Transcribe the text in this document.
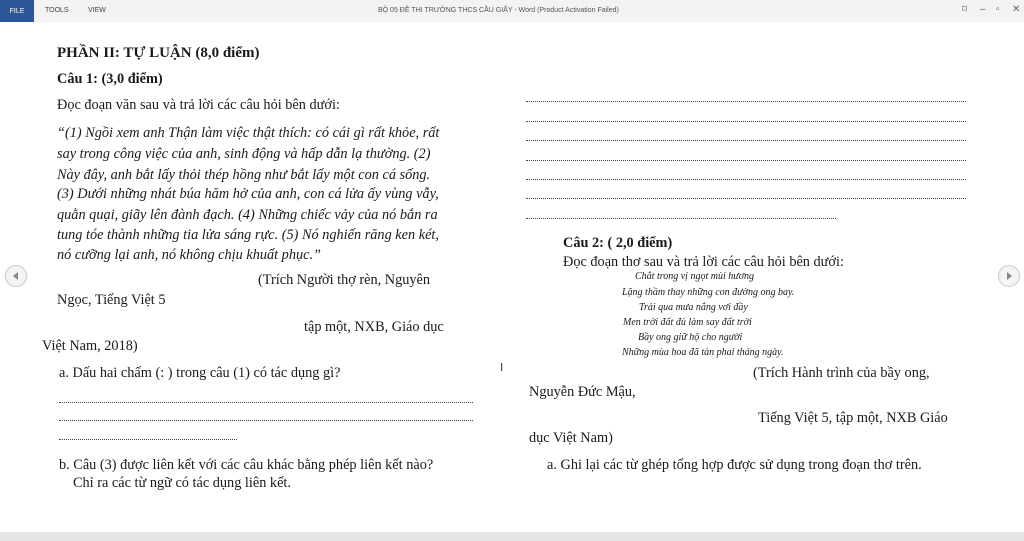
FILE	TOOLS	VIEW	BỘ 05 ĐỀ THI TRƯỜNG THCS CẦU GIẤY - Word (Product Activation Failed)	⌑ – ▫ ✕
PHẦN II: TỰ LUẬN (8,0 điểm)
Câu 1: (3,0 điểm)
Đọc đoạn văn sau và trả lời các câu hỏi bên dưới:
“(1) Ngồi xem anh Thận làm việc thật thích: có cái gì rất khỏe, rất
say trong công việc của anh, sinh động và hấp dẫn lạ thường. (2)
Này đây, anh bắt lấy thỏi thép hồng như bắt lấy một con cá sống.
(3) Dưới những nhát búa hăm hở của anh, con cá lửa ấy vùng vẫy,
quằn quại, giãy lên đành đạch. (4) Những chiếc vảy của nó bắn ra
tung tóe thành những tia lửa sáng rực. (5) Nó nghiến răng ken két,
nó cưỡng lại anh, nó không chịu khuất phục.”
(Trích Người thợ rèn, Nguyên
Ngọc, Tiếng Việt 5
tập một, NXB, Giáo dục
Việt Nam, 2018)
a. Dấu hai chấm (: ) trong câu (1) có tác dụng gì?
b. Câu (3) được liên kết với các câu khác bằng phép liên kết nào?
Chỉ ra các từ ngữ có tác dụng liên kết.
Câu 2: ( 2,0 điểm)
Đọc đoạn thơ sau và trả lời các câu hỏi bên dưới:
Chắt trong vị ngọt mùi hương
Lặng thầm thay những con đường ong bay.
Trải qua mưa nắng vơi đầy
Men trời đất đủ làm say đất trời
Bầy ong giữ hộ cho người
Những mùa hoa đã tàn phai tháng ngày.
(Trích Hành trình của bầy ong,
Nguyễn Đức Mậu,
Tiếng Việt 5, tập một, NXB Giáo
dục Việt Nam)
a. Ghi lại các từ ghép tổng hợp được sử dụng trong đoạn thơ trên.
I
